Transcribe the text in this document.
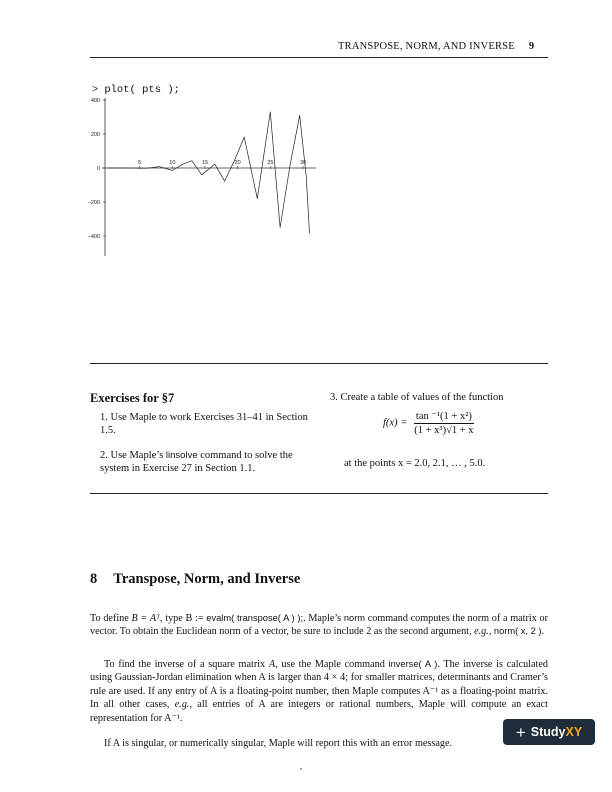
TRANSPOSE, NORM, AND INVERSE 9
> plot( pts );
400
200
0
−200
−400
5	10	15	20	25	30
Exercises for §7
1. Use Maple to work Exercises 31–41 in Section 1.5.
2. Use Maple’s linsolve command to solve the system in Exercise 27 in Section 1.1.
3. Create a table of values of the function
$f(x) = \frac{\text{tan ⁻¹(1 + x²)}}{\text{(1 + x³)√1 + x}}$
at the points x = 2.0, 2.1, … , 5.0.
8 Transpose, Norm, and Inverse
To define B = Aᵀ, type B := evalm( transpose( A ) );. Maple’s norm command computes the norm of a matrix or vector. To obtain the Euclidean norm of a vector, be sure to include 2 as the second argument, e.g., norm( x, 2 ).
To find the inverse of a square matrix A, use the Maple command inverse( A ). The inverse is calculated using Gaussian-Jordan elimination when A is larger than 4 × 4; for smaller matrices, determinants and Cramer’s rule are used. If any entry of A is a floating-point number, then Maple computes A⁻¹ as a floating-point matrix. In all other cases, e.g., all entries of A are integers or rational numbers, Maple will compute an exact representation for A⁻¹.
If A is singular, or numerically singular, Maple will report this with an error message.
+ Study XY
